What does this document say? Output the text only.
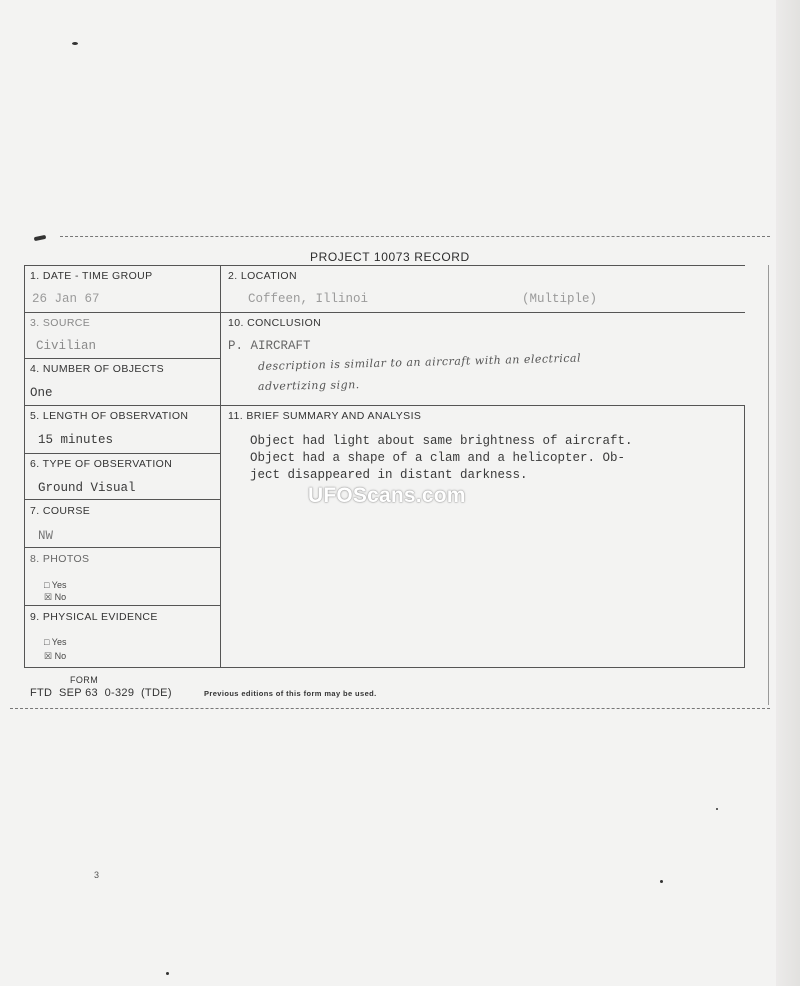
PROJECT 10073 RECORD
1. DATE - TIME GROUP
26 Jan 67
2. LOCATION
Coffeen, Illinoi	(Multiple)
3. SOURCE
Civilian
10. CONCLUSION
P. AIRCRAFT
description is similar to an aircraft with an electrical
advertizing sign.
4. NUMBER OF OBJECTS
One
5. LENGTH OF OBSERVATION
15 minutes
11. BRIEF SUMMARY AND ANALYSIS
Object had light about same brightness of aircraft.
Object had a shape of a clam and a helicopter. Ob-
ject disappeared in distant darkness.
6. TYPE OF OBSERVATION
Ground Visual
7. COURSE
NW
8. PHOTOS
□ Yes
☒ No
9. PHYSICAL EVIDENCE
□ Yes
☒ No
FORM
FTD  SEP 63  0-329  (TDE)	Previous editions of this form may be used.
3
UFOScans.com
